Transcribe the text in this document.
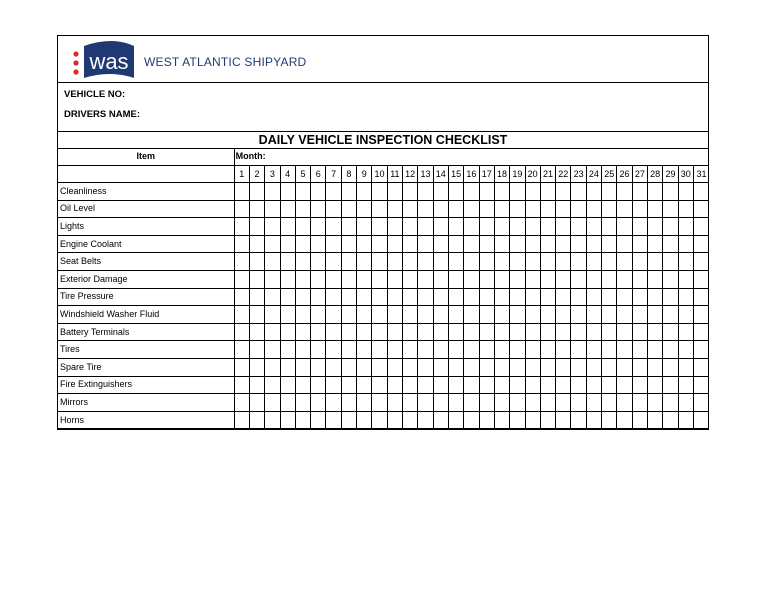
was WEST ATLANTIC SHIPYARD
VEHICLE NO:
DRIVERS NAME:
DAILY VEHICLE INSPECTION CHECKLIST
Item	Month:																														
	1	2	3	4	5	6	7	8	9	10	11	12	13	14	15	16	17	18	19	20	21	22	23	24	25	26	27	28	29	30	31
Cleanliness																															
Oil Level																															
Lights																															
Engine Coolant																															
Seat Belts																															
Exterior Damage																															
Tire Pressure																															
Windshield Washer Fluid																															
Battery Terminals																															
Tires																															
Spare Tire																															
Fire Extinguishers																															
Mirrors																															
Horns																															
